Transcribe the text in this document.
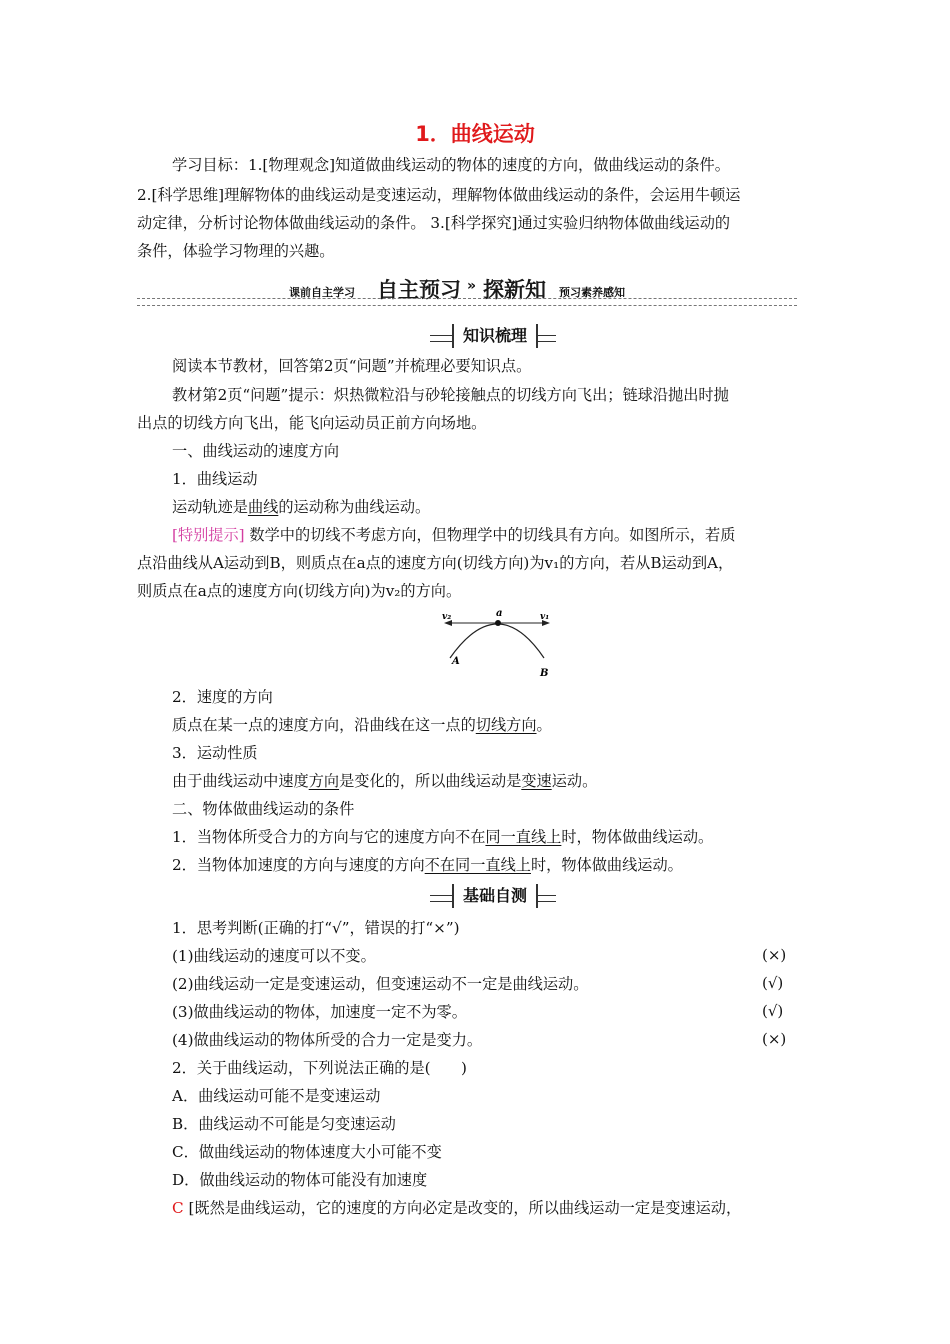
1．曲线运动
学习目标：1.[物理观念]知道做曲线运动的物体的速度的方向，做曲线运动的条件。
2.[科学思维]理解物体的曲线运动是变速运动，理解物体做曲线运动的条件，会运用牛顿运
动定律，分析讨论物体做曲线运动的条件。 3.[科学探究]通过实验归纳物体做曲线运动的
条件，体验学习物理的兴趣。
课前自主学习 自主预习 » 探新知 预习素养感知
知识梳理
阅读本节教材，回答第2页“问题”并梳理必要知识点。
教材第2页“问题”提示：炽热微粒沿与砂轮接触点的切线方向飞出；链球沿抛出时抛
出点的切线方向飞出，能飞向运动员正前方向场地。
一、曲线运动的速度方向
1．曲线运动
运动轨迹是曲线的运动称为曲线运动。
[特别提示] 数学中的切线不考虑方向，但物理学中的切线具有方向。如图所示，若质
点沿曲线从A运动到B，则质点在a点的速度方向(切线方向)为v₁的方向，若从B运动到A，
则质点在a点的速度方向(切线方向)为v₂的方向。
v₂	a	v₁
A
B
2．速度的方向
质点在某一点的速度方向，沿曲线在这一点的切线方向。
3．运动性质
由于曲线运动中速度方向是变化的，所以曲线运动是变速运动。
二、物体做曲线运动的条件
1．当物体所受合力的方向与它的速度方向不在同一直线上时，物体做曲线运动。
2．当物体加速度的方向与速度的方向不在同一直线上时，物体做曲线运动。
基础自测
1．思考判断(正确的打“√”，错误的打“×”)
(1)曲线运动的速度可以不变。	(×)
(2)曲线运动一定是变速运动，但变速运动不一定是曲线运动。	(√)
(3)做曲线运动的物体，加速度一定不为零。	(√)
(4)做曲线运动的物体所受的合力一定是变力。	(×)
2．关于曲线运动，下列说法正确的是(　　)
A．曲线运动可能不是变速运动
B．曲线运动不可能是匀变速运动
C．做曲线运动的物体速度大小可能不变
D．做曲线运动的物体可能没有加速度
C [既然是曲线运动，它的速度的方向必定是改变的，所以曲线运动一定是变速运动，
